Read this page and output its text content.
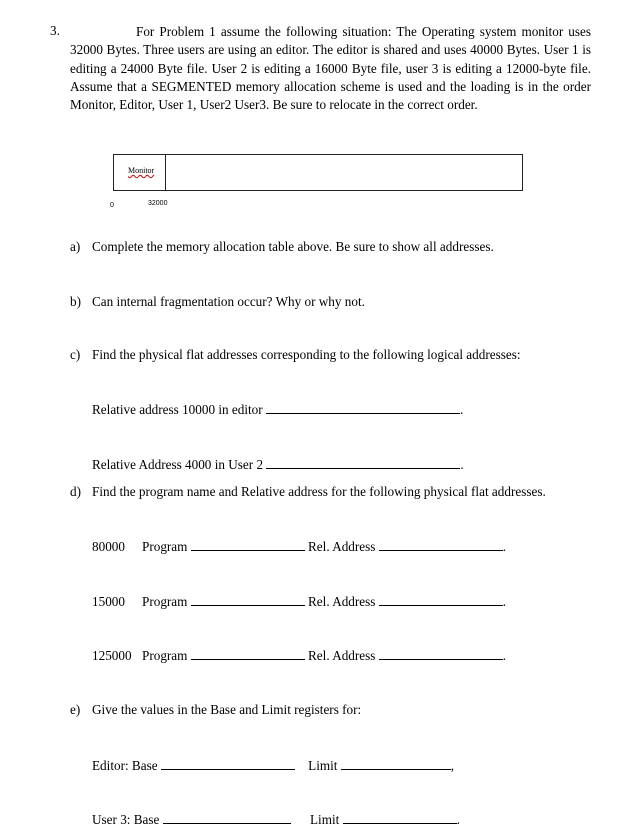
3.	For Problem 1 assume the following situation: The Operating system monitor uses 32000 Bytes. Three users are using an editor. The editor is shared and uses 40000 Bytes. User 1 is editing a 24000 Byte file. User 2 is editing a 16000 Byte file, user 3 is editing a 12000-byte file. Assume that a SEGMENTED memory allocation scheme is used and the loading is in the order Monitor, Editor, User 1, User2 User3. Be sure to relocate in the correct order.
Monitor
0	32000
a) Complete the memory allocation table above. Be sure to show all addresses.
b) Can internal fragmentation occur? Why or why not.
c) Find the physical flat addresses corresponding to the following logical addresses:
Relative address 10000 in editor	.
Relative Address 4000 in User 2	.
d) Find the program name and Relative address for the following physical flat addresses.
80000 Program	Rel. Address	.
15000 Program	Rel. Address	.
125000 Program	Rel. Address	.
e) Give the values in the Base and Limit registers for:
Editor: Base	Limit	,
User 3: Base	Limit	.
